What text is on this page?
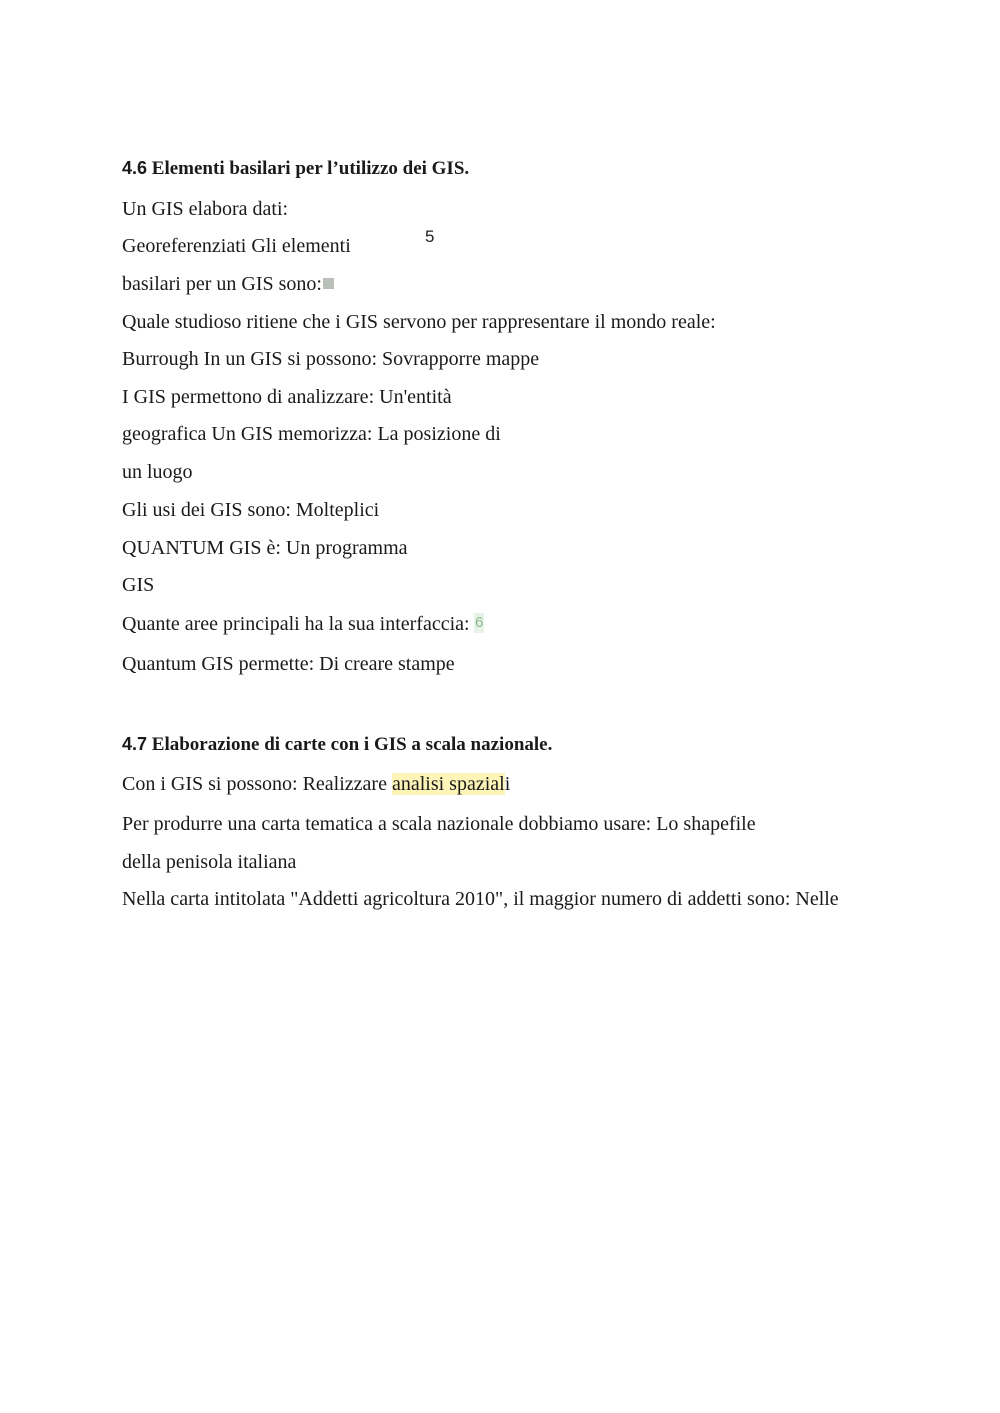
4.6 Elementi basilari per l’utilizzo dei GIS.
Un GIS elabora dati:
Georeferenziati Gli elementi	5
basilari per un GIS sono:
Quale studioso ritiene che i GIS servono per rappresentare il mondo reale:
Burrough In un GIS si possono: Sovrapporre mappe
I GIS permettono di analizzare: Un'entità
geografica Un GIS memorizza: La posizione di
un luogo
Gli usi dei GIS sono: Molteplici
QUANTUM GIS è: Un programma
GIS
Quante aree principali ha la sua interfaccia: 6
Quantum GIS permette: Di creare stampe
4.7 Elaborazione di carte con i GIS a scala nazionale.
Con i GIS si possono: Realizzare analisi spaziali
Per produrre una carta tematica a scala nazionale dobbiamo usare: Lo shapefile
della penisola italiana
Nella carta intitolata "Addetti agricoltura 2010", il maggior numero di addetti sono: Nelle
